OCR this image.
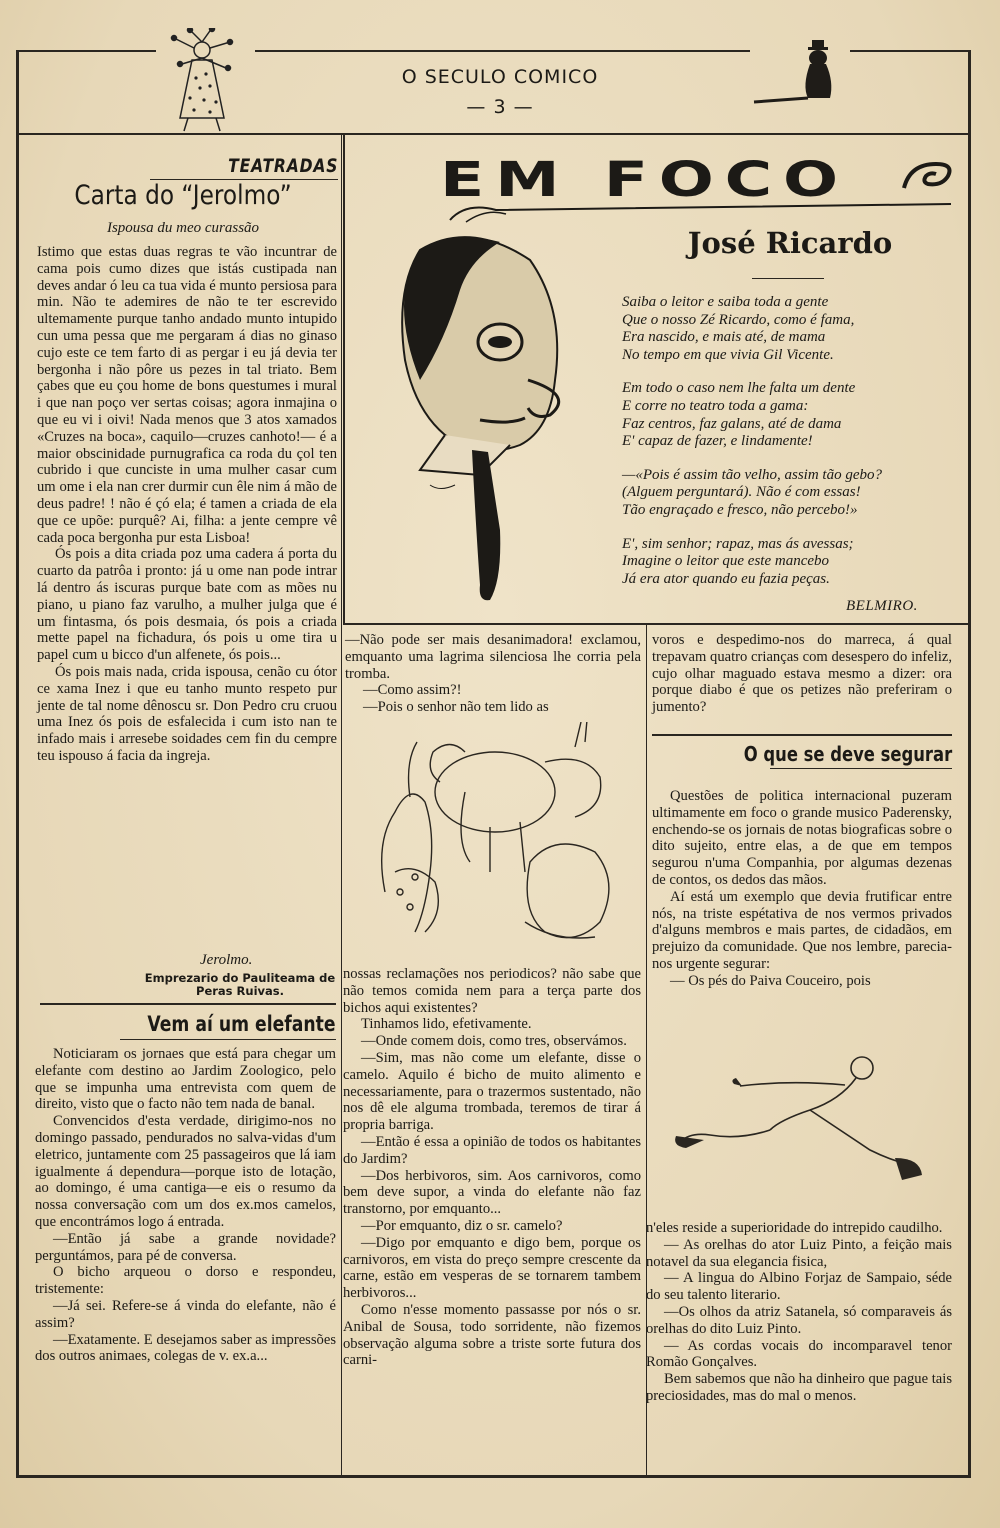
O SECULO COMICO
— 3 —
TEATRADAS
Carta do “Jerolmo”
Ispousa du meo curassão

Istimo que estas duas regras te vão incuntrar de cama pois cumo dizes que istás custipada nan deves andar ó leu ca tua vida é munto persiosa para min. Não te ademires de não te ter escrevido ultemamente purque tanho andado munto intupido cun uma pessa que me pergaram á dias no ginaso cujo este ce tem farto di as pergar i eu já devia ter bergonha i não pôre us pezes in tal triato. Bem çabes que eu çou home de bons questumes i mural i que nan poço ver sertas coisas; agora inmajina o que eu vi i oivi! Nada menos que 3 atos xamados «Cruzes na boca», caquilo—cruzes canhoto!— é a maior obscinidade purnugrafica ca roda du çol ten cubrido i que cunciste in uma mulher casar cum um ome i ela nan crer durmir cun êle nim á mão de deus padre! ! não é çó ela; é tamen a criada de ela que ce upõe: purquê? Ai, filha: a jente cempre vê cada poca bergonha pur esta Lisboa!

Ós pois a dita criada poz uma cadera á porta du cuarto da patrôa i pronto: já u ome nan pode intrar lá dentro ás iscuras purque bate com as mões nu piano, u piano faz varulho, a mulher julga que é um fintasma, ós pois desmaia, ós pois a criada mette papel na fichadura, ós pois u ome tira u papel cum u bicco d'un alfenete, ós pois...

Ós pois mais nada, crida ispousa, cenão cu ótor ce xama Inez i que eu tanho munto respeto pur jente de tal nome dênoscu sr. Don Pedro cru cruou uma Inez ós pois de esfalecida i cum isto nan te infado mais i arresebe soidades cem fin du cempre teu ispouso á facia da ingreja.

Jerolmo.
Emprezario do Pauliteama de Peras Ruivas.
Vem aí um elefante

Noticiaram os jornaes que está para chegar um elefante com destino ao Jardim Zoologico, pelo que se impunha uma entrevista com quem de direito, visto que o facto não tem nada de banal.

Convencidos d'esta verdade, dirigimo-nos no domingo passado, pendurados no salva-vidas d'um eletrico, juntamente com 25 passageiros que lá iam igualmente á dependura—porque isto de lotação, ao domingo, é uma cantiga—e eis o resumo da nossa conversação com um dos ex.mos camelos, que encontrámos logo á entrada.

—Então já sabe a grande novidade? perguntámos, para pé de conversa.

O bicho arqueou o dorso e respondeu, tristemente:

—Já sei. Refere-se á vinda do elefante, não é assim?

—Exatamente. E desejamos saber as impressões dos outros animaes, colegas de v. ex.a...

EM FOCO
José Ricardo
Saiba o leitor e saiba toda a gente
Que o nosso Zé Ricardo, como é fama,
Era nascido, e mais até, de mama
No tempo em que vivia Gil Vicente.
Em todo o caso nem lhe falta um dente
E corre no teatro toda a gama:
Faz centros, faz galans, até de dama
E' capaz de fazer, e lindamente!
—«Pois é assim tão velho, assim tão gebo?
(Alguem perguntará). Não é com essas!
Tão engraçado e fresco, não percebo!»
E', sim senhor; rapaz, mas ás avessas;
Imagine o leitor que este mancebo
Já era ator quando eu fazia peças.
BELMIRO.

—Não pode ser mais desanimadora! exclamou, emquanto uma lagrima silenciosa lhe corria pela tromba.

—Como assim?!

—Pois o senhor não tem lido as

nossas reclamações nos periodicos? não sabe que não temos comida nem para a terça parte dos bichos aqui existentes?

Tinhamos lido, efetivamente.

—Onde comem dois, como tres, observámos.

—Sim, mas não come um elefante, disse o camelo. Aquilo é bicho de muito alimento e necessariamente, para o trazermos sustentado, não nos dê ele alguma trombada, teremos de tirar á propria barriga.

—Então é essa a opinião de todos os habitantes do Jardim?

—Dos herbivoros, sim. Aos carnivoros, como bem deve supor, a vinda do elefante não faz transtorno, por emquanto...

—Por emquanto, diz o sr. camelo?

—Digo por emquanto e digo bem, porque os carnivoros, em vista do preço sempre crescente da carne, estão em vesperas de se tornarem tambem herbivoros...

Como n'esse momento passasse por nós o sr. Anibal de Sousa, todo sorridente, não fizemos observação alguma sobre a triste sorte futura dos carni-

voros e despedimo-nos do marreca, á qual trepavam quatro crianças com desespero do infeliz, cujo olhar maguado estava mesmo a dizer: ora porque diabo é que os petizes não preferiram o jumento?

O que se deve segurar

Questões de politica internacional puzeram ultimamente em foco o grande musico Paderensky, enchendo-se os jornais de notas biograficas sobre o dito sujeito, entre elas, a de que em tempos segurou n'uma Companhia, por algumas dezenas de contos, os dedos das mãos.

Aí está um exemplo que devia frutificar entre nós, na triste espétativa de nos vermos privados d'alguns membros e mais partes, de cidadãos, em prejuizo da comunidade. Que nos lembre, parecia-nos urgente segurar:

— Os pés do Paiva Couceiro, pois

n'eles reside a superioridade do intrepido caudilho.

— As orelhas do ator Luiz Pinto, a feição mais notavel da sua elegancia fisica,

— A lingua do Albino Forjaz de Sampaio, séde do seu talento literario.

—Os olhos da atriz Satanela, só comparaveis ás orelhas do dito Luiz Pinto.

— As cordas vocais do incomparavel tenor Romão Gonçalves.

Bem sabemos que não ha dinheiro que pague tais preciosidades, mas do mal o menos.
